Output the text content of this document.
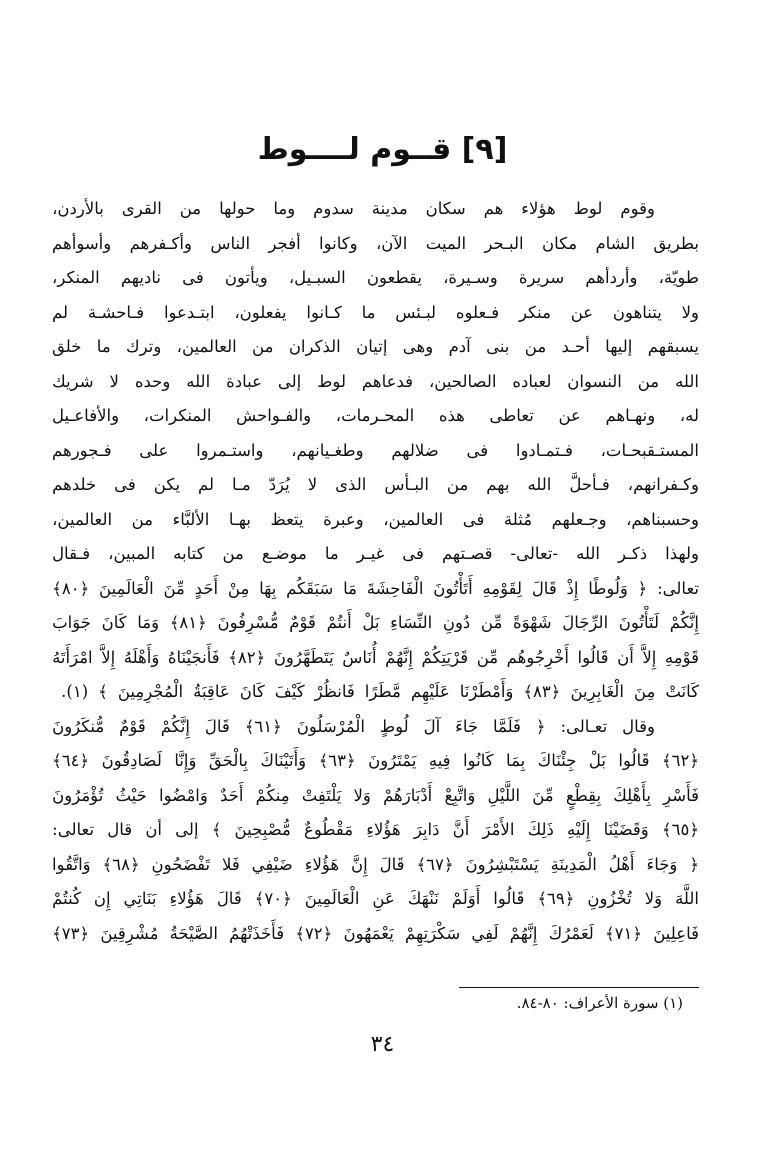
[٩] قــوم لــــوط
وقوم
لوط
هؤلاء
هم
سكان
مدينة
سدوم
وما
حولها
من
القرى
بالأردن،
بطريق
الشام
مكان
البـحر
الميت
الآن،
وكانوا
أفجر
الناس
وأكـفرهم
وأسوأهم
طويّة،
وأردأهم
سريرة
وسـيرة،
يقطعون
السبـيل،
ويأتون
فى
ناديهم
المنكر،
ولا
يتناهون
عن
منكر
فـعلوه
لبـئس
ما
كـانوا
يفعلون،
ابتـدعوا
فـاحشـة
لم
يسبقهم
إليها
أحـد
من
بنى
آدم
وهى
إتيان
الذكران
من
العالمين،
وترك
ما
خلق
الله
من
النسوان
لعباده
الصالحين،
فدعاهم
لوط
إلى
عبادة
الله
وحده
لا
شريك
له،
ونهـاهم
عن
تعاطى
هذه
المحـرمات،
والفـواحش
المنكرات،
والأفاعـيل
المستـقبحـات،
فـتمـادوا
فى
ضلالهم
وطغـيانهم،
واستـمروا
على
فـجورهم
وكـفرانهم،
فـأحلَّ
الله
بهم
من
البـأس
الذى
لا
يُرَدّ
مـا
لم
يكن
فى
خلدهم
وحسبناهم،
وجـعلهم
مُثلة
فى
العالمين،
وعبرة
يتعظ
بهـا
الألبَّاء
من
العالمين،
ولهذا
ذكـر
الله
-تعالى-
قصـتهم
فى
غيـر
ما
موضـع
من
كتابه
المبين،
فـقال
تعالى:
﴿
وَلُوطًا
إِذْ
قَالَ
لِقَوْمِهِ
أَتَأْتُونَ
الْفَاحِشَةَ
مَا
سَبَقَكُم
بِهَا
مِنْ
أَحَدٍ
مِّنَ
الْعَالَمِينَ
﴿٨٠﴾
إِنَّكُمْ
لَتَأْتُونَ
الرِّجَالَ
شَهْوَةً
مِّن
دُونِ
النِّسَاءِ
بَلْ
أَنتُمْ
قَوْمٌ
مُّسْرِفُونَ
﴿٨١﴾
وَمَا
كَانَ
جَوَابَ
قَوْمِهِ
إِلاَّ
أَن
قَالُوا
أَخْرِجُوهُم
مِّن
قَرْيَتِكُمْ
إِنَّهُمْ
أُنَاسٌ
يَتَطَهَّرُونَ
﴿٨٢﴾
فَأَنجَيْنَاهُ
وَأَهْلَهُ
إِلاَّ
امْرَأَتَهُ
كَانَتْ
مِنَ
الْغَابِرِينَ
﴿٨٣﴾
وَأَمْطَرْنَا
عَلَيْهِم
مَّطَرًا
فَانظُرْ
كَيْفَ
كَانَ
عَاقِبَةُ
الْمُجْرِمِينَ
﴾
(١).
وقال
تعـالى:
﴿
فَلَمَّا
جَاءَ
آلَ
لُوطٍ
الْمُرْسَلُونَ
﴿٦١﴾
قَالَ
إِنَّكُمْ
قَوْمٌ
مُّنكَرُونَ
﴿٦٢﴾
قَالُوا
بَلْ
جِئْنَاكَ
بِمَا
كَانُوا
فِيهِ
يَمْتَرُونَ
﴿٦٣﴾
وَأَتَيْنَاكَ
بِالْحَقِّ
وَإِنَّا
لَصَادِقُونَ
﴿٦٤﴾
فَأَسْرِ
بِأَهْلِكَ
بِقِطْعٍ
مِّنَ
اللَّيْلِ
وَاتَّبِعْ
أَدْبَارَهُمْ
وَلا
يَلْتَفِتْ
مِنكُمْ
أَحَدٌ
وَامْضُوا
حَيْثُ
تُؤْمَرُونَ
﴿٦٥﴾
وَقَضَيْنَا
إِلَيْهِ
ذَلِكَ
الأَمْرَ
أَنَّ
دَابِرَ
هَؤُلاءِ
مَقْطُوعٌ
مُّصْبِحِينَ
﴾
إلى
أن
قال
تعالى:
﴿
وَجَاءَ
أَهْلُ
الْمَدِينَةِ
يَسْتَبْشِرُونَ
﴿٦٧﴾
قَالَ
إِنَّ
هَؤُلاءِ
ضَيْفِي
فَلا
تَفْضَحُونِ
﴿٦٨﴾
وَاتَّقُوا
اللَّهَ
وَلا
تُخْزُونِ
﴿٦٩﴾
قَالُوا
أَوَلَمْ
نَنْهَكَ
عَنِ
الْعَالَمِينَ
﴿٧٠﴾
قَالَ
هَؤُلاءِ
بَنَاتِي
إِن
كُنتُمْ
فَاعِلِينَ
﴿٧١﴾
لَعَمْرُكَ
إِنَّهُمْ
لَفِي
سَكْرَتِهِمْ
يَعْمَهُونَ
﴿٧٢﴾
فَأَخَذَتْهُمُ
الصَّيْحَةُ
مُشْرِقِينَ
﴿٧٣﴾
(١) سورة الأعراف: ٨٠-٨٤.
٣٤
